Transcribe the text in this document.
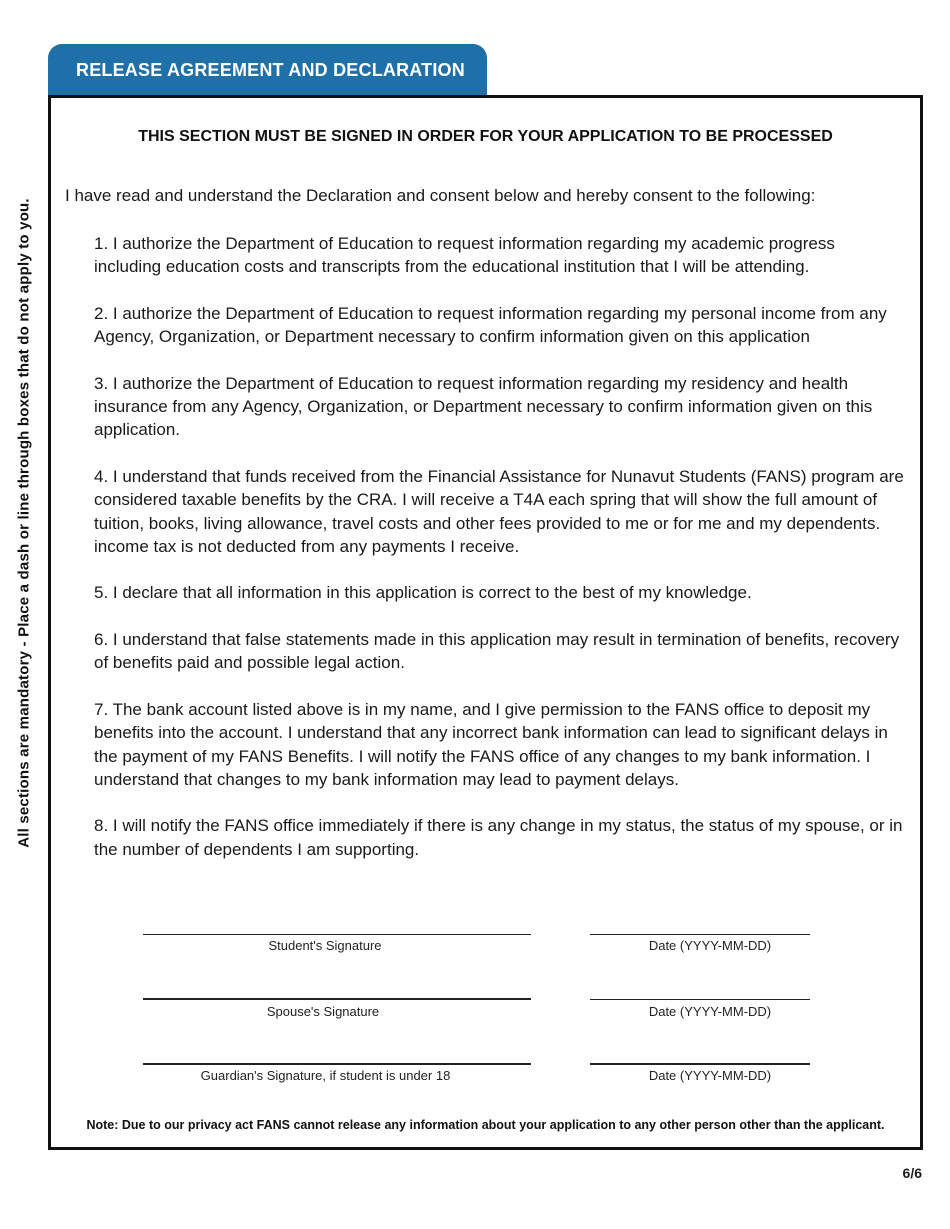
All sections are mandatory - Place a dash or line through boxes that do not apply to you.
RELEASE AGREEMENT AND DECLARATION
THIS SECTION MUST BE SIGNED IN ORDER FOR YOUR APPLICATION TO BE PROCESSED
I have read and understand the Declaration and consent below and hereby consent to the following:

1. I authorize the Department of Education to request information regarding my academic progress including education costs and transcripts from the educational institution that I will be attending.

2. I authorize the Department of Education to request information regarding my personal income from any Agency, Organization, or Department necessary to confirm information given on this application

3. I authorize the Department of Education to request information regarding my residency and health insurance from any Agency, Organization, or Department necessary to confirm information given on this application.

4. I understand that funds received from the Financial Assistance for Nunavut Students (FANS) program are considered taxable benefits by the CRA. I will receive a T4A each spring that will show the full amount of tuition, books, living allowance, travel costs and other fees provided to me or for me and my dependents. income tax is not deducted from any payments I receive.

5. I declare that all information in this application is correct to the best of my knowledge.

6. I understand that false statements made in this application may result in termination of benefits, recovery of benefits paid and possible legal action.

7. The bank account listed above is in my name, and I give permission to the FANS office to deposit my benefits into the account. I understand that any incorrect bank information can lead to significant delays in the payment of my FANS Benefits. I will notify the FANS office of any changes to my bank information. I understand that changes to my bank information may lead to payment delays.

8. I will notify the FANS office immediately if there is any change in my status, the status of my spouse, or in the number of dependents I am supporting.

Student's Signature	Date (YYYY-MM-DD)
Spouse's Signature	Date (YYYY-MM-DD)
Guardian's Signature, if student is under 18	Date (YYYY-MM-DD)
Note: Due to our privacy act FANS cannot release any information about your application to any other person other than the applicant.
6/6
